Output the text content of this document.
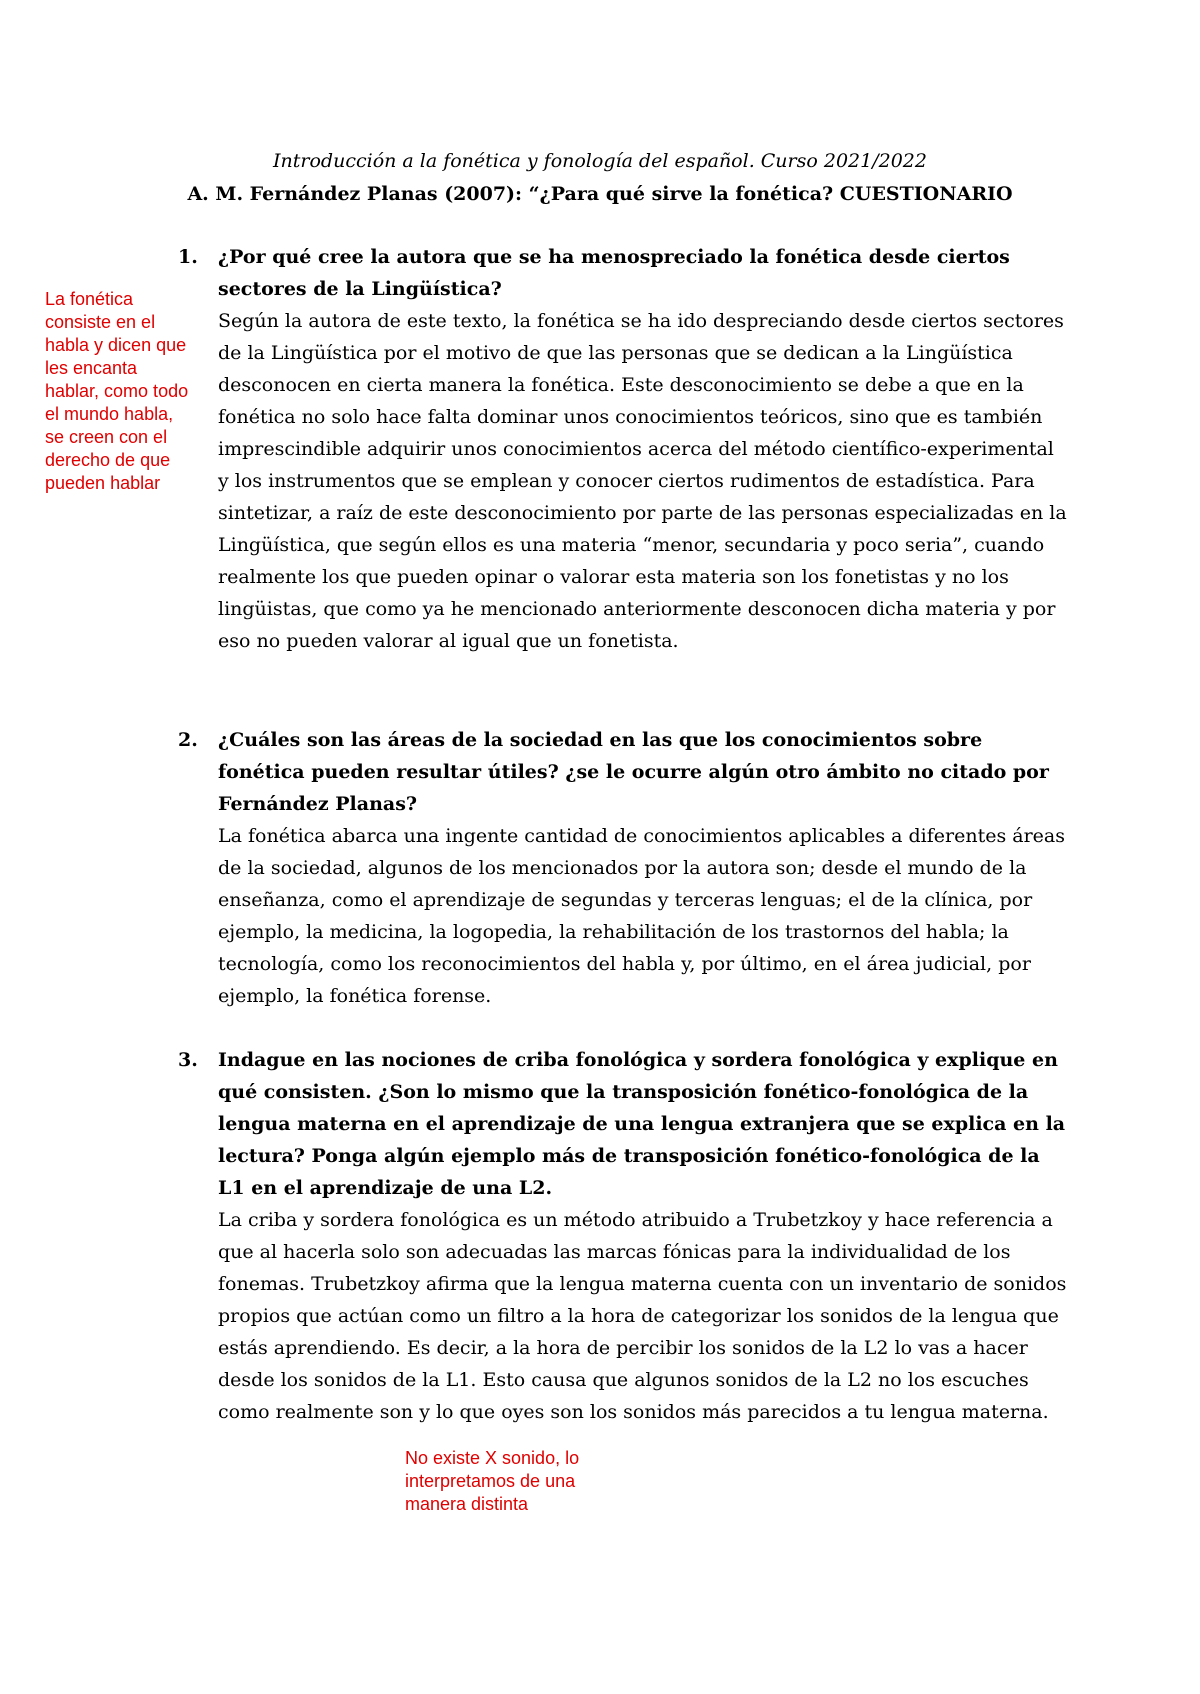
Introducción a la fonética y fonología del español. Curso 2021/2022

A. M. Fernández Planas (2007): “¿Para qué sirve la fonética? CUESTIONARIO

1.	¿Por qué cree la autora que se ha menospreciado la fonética desde ciertos sectores de la Lingüística?

Según la autora de este texto, la fonética se ha ido despreciando desde ciertos sectores de la Lingüística por el motivo de que las personas que se dedican a la Lingüística desconocen en cierta manera la fonética. Este desconocimiento se debe a que en la fonética no solo hace falta dominar unos conocimientos teóricos, sino que es también imprescindible adquirir unos conocimientos acerca del método científico-experimental y los instrumentos que se emplean y conocer ciertos rudimentos de estadística. Para sintetizar, a raíz de este desconocimiento por parte de las personas especializadas en la Lingüística, que según ellos es una materia “menor, secundaria y poco seria”, cuando realmente los que pueden opinar o valorar esta materia son los fonetistas y no los lingüistas, que como ya he mencionado anteriormente desconocen dicha materia y por eso no pueden valorar al igual que un fonetista.

2.	¿Cuáles son las áreas de la sociedad en las que los conocimientos sobre fonética pueden resultar útiles? ¿se le ocurre algún otro ámbito no citado por Fernández Planas?

La fonética abarca una ingente cantidad de conocimientos aplicables a diferentes áreas de la sociedad, algunos de los mencionados por la autora son; desde el mundo de la enseñanza, como el aprendizaje de segundas y terceras lenguas; el de la clínica, por ejemplo, la medicina, la logopedia, la rehabilitación de los trastornos del habla; la tecnología, como los reconocimientos del habla y, por último, en el área judicial, por ejemplo, la fonética forense.

3.	Indague en las nociones de criba fonológica y sordera fonológica y explique en qué consisten. ¿Son lo mismo que la transposición fonético-fonológica de la lengua materna en el aprendizaje de una lengua extranjera que se explica en la lectura? Ponga algún ejemplo más de transposición fonético-fonológica de la L1 en el aprendizaje de una L2.

La criba y sordera fonológica es un método atribuido a Trubetzkoy y hace referencia a que al hacerla solo son adecuadas las marcas fónicas para la individualidad de los fonemas. Trubetzkoy afirma que la lengua materna cuenta con un inventario de sonidos propios que actúan como un filtro a la hora de categorizar los sonidos de la lengua que estás aprendiendo. Es decir, a la hora de percibir los sonidos de la L2 lo vas a hacer desde los sonidos de la L1. Esto causa que algunos sonidos de la L2 no los escuches como realmente son y lo que oyes son los sonidos más parecidos a tu lengua materna.

La fonética consiste en el habla y dicen que les encanta hablar, como todo el mundo habla, se creen con el derecho de que pueden hablar

No existe X sonido, lo interpretamos de una manera distinta
